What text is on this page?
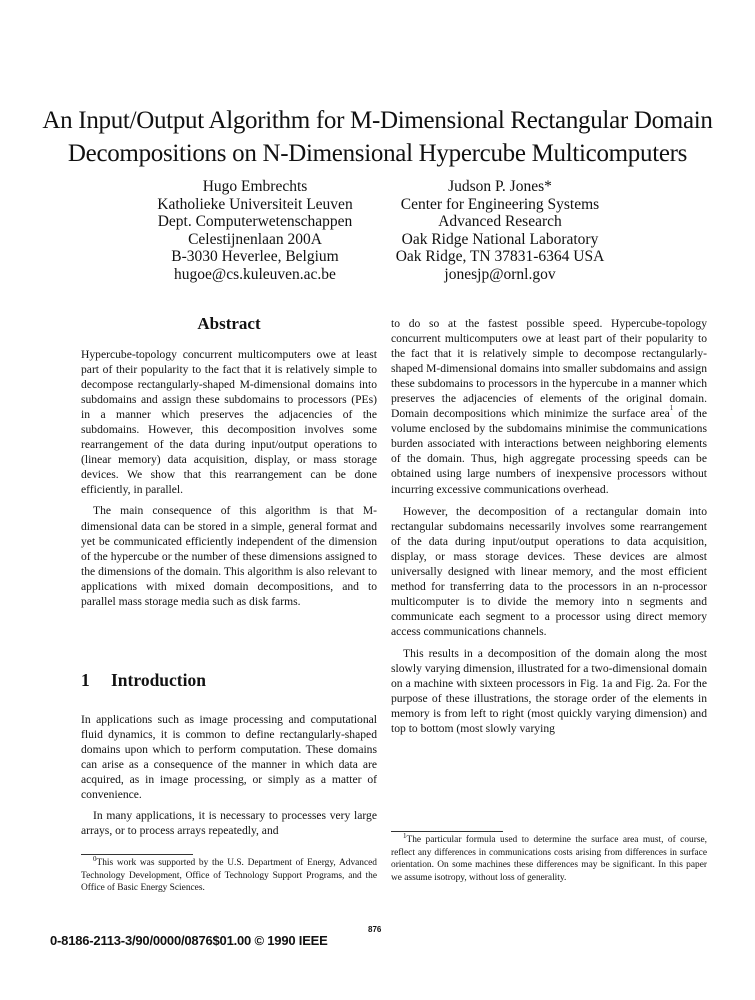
An Input/Output Algorithm for M-Dimensional Rectangular Domain
Decompositions on N-Dimensional Hypercube Multicomputers
Hugo Embrechts
Katholieke Universiteit Leuven
Dept. Computerwetenschappen
Celestijnenlaan 200A
B-3030 Heverlee, Belgium
hugoe@cs.kuleuven.ac.be
Judson P. Jones*
Center for Engineering Systems
Advanced Research
Oak Ridge National Laboratory
Oak Ridge, TN 37831-6364 USA
jonesjp@ornl.gov
Abstract

Hypercube-topology concurrent multicomputers owe at least part of their popularity to the fact that it is relatively simple to decompose rectangularly-shaped M-dimensional domains into subdomains and assign these subdomains to processors (PEs) in a manner which preserves the adjacencies of the subdomains. However, this decomposition involves some rearrangement of the data during input/output operations to (linear memory) data acquisition, display, or mass storage devices. We show that this rearrangement can be done efficiently, in parallel.

The main consequence of this algorithm is that M-dimensional data can be stored in a simple, general format and yet be communicated efficiently independent of the dimension of the hypercube or the number of these dimensions assigned to the dimensions of the domain. This algorithm is also relevant to applications with mixed domain decompositions, and to parallel mass storage media such as disk farms.

1 Introduction

In applications such as image processing and computational fluid dynamics, it is common to define rectangularly-shaped domains upon which to perform computation. These domains can arise as a consequence of the manner in which data are acquired, as in image processing, or simply as a matter of convenience.

In many applications, it is necessary to processes very large arrays, or to process arrays repeatedly, and

$^0$This work was supported by the U.S. Department of Energy, Advanced Technology Development, Office of Technology Support Programs, and the Office of Basic Energy Sciences.

to do so at the fastest possible speed. Hypercube-topology concurrent multicomputers owe at least part of their popularity to the fact that it is relatively simple to decompose rectangularly-shaped M-dimensional domains into smaller subdomains and assign these subdomains to processors in the hypercube in a manner which preserves the adjacencies of elements of the original domain. Domain decompositions which minimize the surface area$^1$ of the volume enclosed by the subdomains minimise the communications burden associated with interactions between neighboring elements of the domain. Thus, high aggregate processing speeds can be obtained using large numbers of inexpensive processors without incurring excessive communications overhead.

However, the decomposition of a rectangular domain into rectangular subdomains necessarily involves some rearrangement of the data during input/output operations to data acquisition, display, or mass storage devices. These devices are almost universally designed with linear memory, and the most efficient method for transferring data to the processors in an n-processor multicomputer is to divide the memory into n segments and communicate each segment to a processor using direct memory access communications channels.

This results in a decomposition of the domain along the most slowly varying dimension, illustrated for a two-dimensional domain on a machine with sixteen processors in Fig. 1a and Fig. 2a. For the purpose of these illustrations, the storage order of the elements in memory is from left to right (most quickly varying dimension) and top to bottom (most slowly varying

$^1$The particular formula used to determine the surface area must, of course, reflect any differences in communications costs arising from differences in surface orientation. On some machines these differences may be significant. In this paper we assume isotropy, without loss of generality.
876
0-8186-2113-3/90/0000/0876$01.00 © 1990 IEEE
